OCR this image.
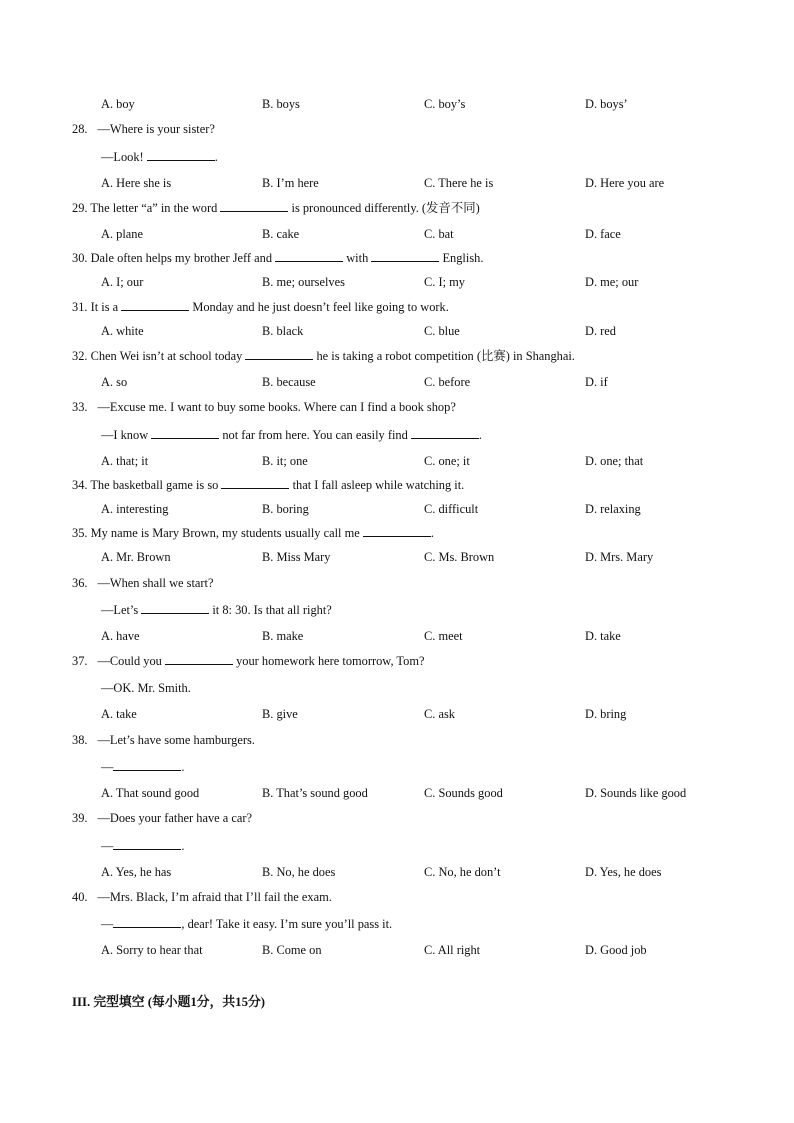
A. boy	B. boys	C. boy’s	D. boys’
28. —Where is your sister?
—Look!	.
A. Here she is	B. I’m here	C. There he is	D. Here you are
29. The letter “a” in the word	is pronounced differently. (发音不同)
A. plane	B. cake	C. bat	D. face
30. Dale often helps my brother Jeff and	with	English.
A. I; our	B. me; ourselves	C. I; my	D. me; our
31. It is a	Monday and he just doesn’t feel like going to work.
A. white	B. black	C. blue	D. red
32. Chen Wei isn’t at school today	he is taking a robot competition (比赛) in Shanghai.
A. so	B. because	C. before	D. if
33. —Excuse me. I want to buy some books. Where can I find a book shop?
—I know	not far from here. You can easily find	.
A. that; it	B. it; one	C. one; it	D. one; that
34. The basketball game is so	that I fall asleep while watching it.
A. interesting	B. boring	C. difficult	D. relaxing
35. My name is Mary Brown, my students usually call me	.
A. Mr. Brown	B. Miss Mary	C. Ms. Brown	D. Mrs. Mary
36. —When shall we start?
—Let’s	it 8: 30. Is that all right?
A. have	B. make	C. meet	D. take
37. —Could you	your homework here tomorrow, Tom?
—OK. Mr. Smith.
A. take	B. give	C. ask	D. bring
38. —Let’s have some hamburgers.
—	.
A. That sound good	B. That’s sound good	C. Sounds good	D. Sounds like good
39. —Does your father have a car?
—	.
A. Yes, he has	B. No, he does	C. No, he don’t	D. Yes, he does
40. —Mrs. Black, I’m afraid that I’ll fail the exam.
—	, dear! Take it easy. I’m sure you’ll pass it.
A. Sorry to hear that	B. Come on	C. All right	D. Good job
III. 完型填空 (每小题1分，共15分)
